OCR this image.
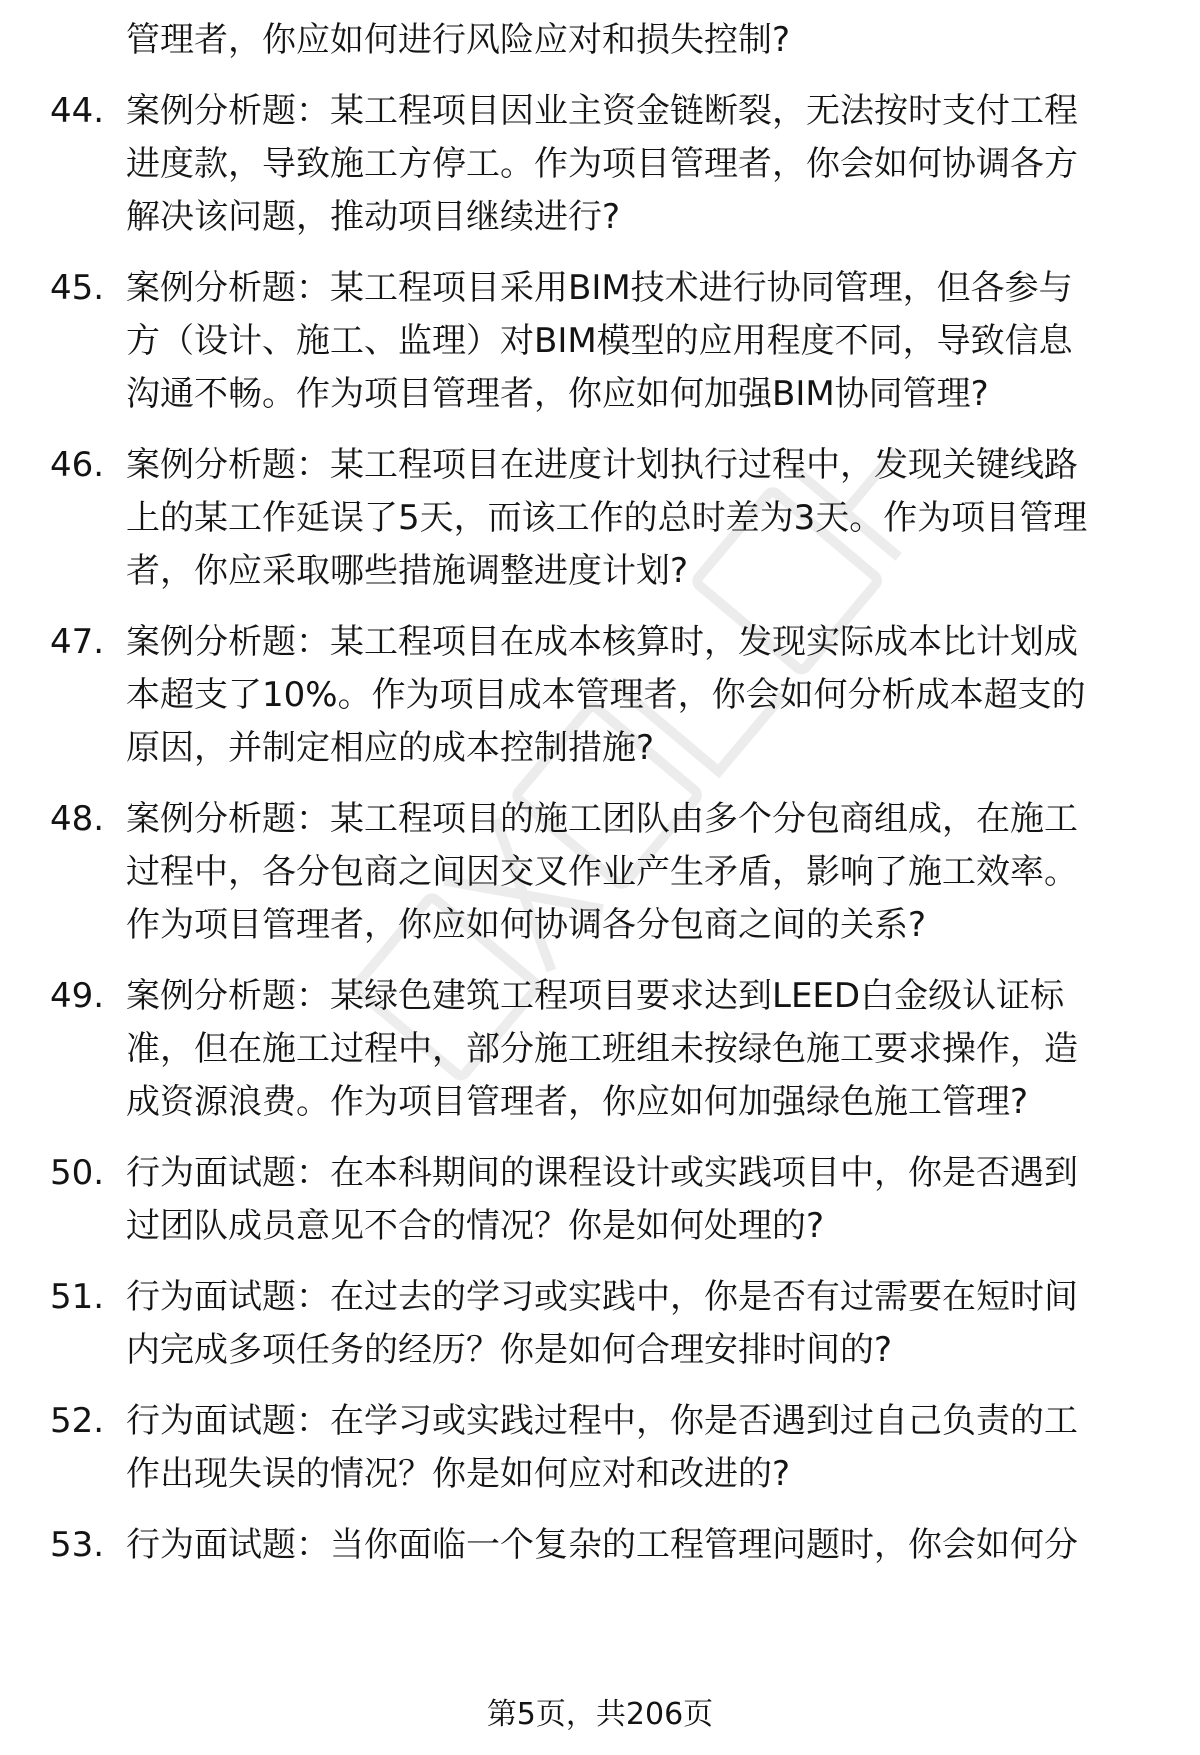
管理者，你应如何进行风险应对和损失控制?
44. 案例分析题：某工程项目因业主资金链断裂，无法按时支付工程
进度款，导致施工方停工。作为项目管理者，你会如何协调各方
解决该问题，推动项目继续进行?
45. 案例分析题：某工程项目采用BIM技术进行协同管理，但各参与
方（设计、施工、监理）对BIM模型的应用程度不同，导致信息
沟通不畅。作为项目管理者，你应如何加强BIM协同管理?
46. 案例分析题：某工程项目在进度计划执行过程中，发现关键线路
上的某工作延误了5天，而该工作的总时差为3天。作为项目管理
者，你应采取哪些措施调整进度计划?
47. 案例分析题：某工程项目在成本核算时，发现实际成本比计划成
本超支了10%。作为项目成本管理者，你会如何分析成本超支的
原因，并制定相应的成本控制措施?
48. 案例分析题：某工程项目的施工团队由多个分包商组成，在施工
过程中，各分包商之间因交叉作业产生矛盾，影响了施工效率。
作为项目管理者，你应如何协调各分包商之间的关系?
49. 案例分析题：某绿色建筑工程项目要求达到LEED白金级认证标
准，但在施工过程中，部分施工班组未按绿色施工要求操作，造
成资源浪费。作为项目管理者，你应如何加强绿色施工管理?
50. 行为面试题：在本科期间的课程设计或实践项目中，你是否遇到
过团队成员意见不合的情况？你是如何处理的?
51. 行为面试题：在过去的学习或实践中，你是否有过需要在短时间
内完成多项任务的经历？你是如何合理安排时间的?
52. 行为面试题：在学习或实践过程中，你是否遇到过自己负责的工
作出现失误的情况？你是如何应对和改进的?
53. 行为面试题：当你面临一个复杂的工程管理问题时，你会如何分
第5页，共206页
